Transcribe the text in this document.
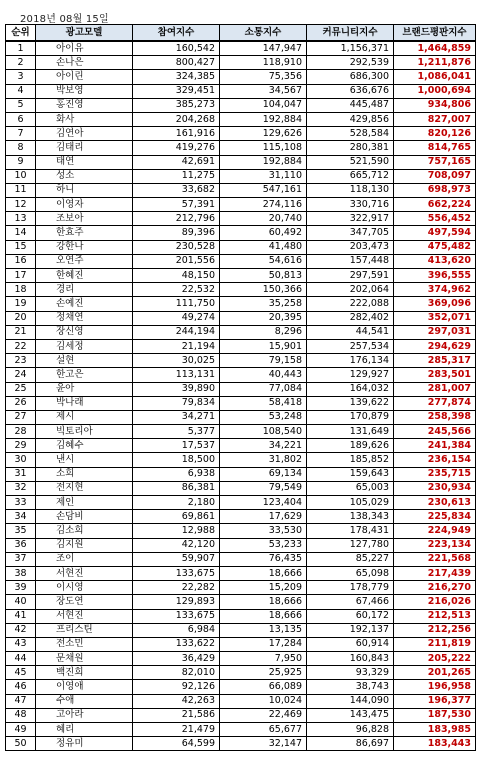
2018년 08월 15일
순위	광고모델	참여지수	소통지수	커뮤니티지수	브랜드평판지수
1	아이유	160,542	147,947	1,156,371	1,464,859
2	손나은	800,427	118,910	292,539	1,211,876
3	아이린	324,385	75,356	686,300	1,086,041
4	박보영	329,451	34,567	636,676	1,000,694
5	홍진영	385,273	104,047	445,487	934,806
6	화사	204,268	192,884	429,856	827,007
7	김연아	161,916	129,626	528,584	820,126
8	김태리	419,276	115,108	280,381	814,765
9	태연	42,691	192,884	521,590	757,165
10	성소	11,275	31,110	665,712	708,097
11	하니	33,682	547,161	118,130	698,973
12	이영자	57,391	274,116	330,716	662,224
13	조보아	212,796	20,740	322,917	556,452
14	한효주	89,396	60,492	347,705	497,594
15	강한나	230,528	41,480	203,473	475,482
16	오연주	201,556	54,616	157,448	413,620
17	한혜진	48,150	50,813	297,591	396,555
18	경리	22,532	150,366	202,064	374,962
19	손예진	111,750	35,258	222,088	369,096
20	정채연	49,274	20,395	282,402	352,071
21	장신영	244,194	8,296	44,541	297,031
22	김세정	21,194	15,901	257,534	294,629
23	설현	30,025	79,158	176,134	285,317
24	한고은	113,131	40,443	129,927	283,501
25	윤아	39,890	77,084	164,032	281,007
26	박나래	79,834	58,418	139,622	277,874
27	제시	34,271	53,248	170,879	258,398
28	빅토리아	5,377	108,540	131,649	245,566
29	김혜수	17,537	34,221	189,626	241,384
30	낸시	18,500	31,802	185,852	236,154
31	소희	6,938	69,134	159,643	235,715
32	전지현	86,381	79,549	65,003	230,934
33	제인	2,180	123,404	105,029	230,613
34	손담비	69,861	17,629	138,343	225,834
35	김소희	12,988	33,530	178,431	224,949
36	김지원	42,120	53,233	127,780	223,134
37	조이	59,907	76,435	85,227	221,568
38	서현진	133,675	18,666	65,098	217,439
39	이시영	22,282	15,209	178,779	216,270
40	장도연	129,893	18,666	67,466	216,026
41	서현진	133,675	18,666	60,172	212,513
42	프리스틴	6,984	13,135	192,137	212,256
43	전소민	133,622	17,284	60,914	211,819
44	문채원	36,429	7,950	160,843	205,222
45	백진희	82,010	25,925	93,329	201,265
46	이영애	92,126	66,089	38,743	196,958
47	수애	42,263	10,024	144,090	196,377
48	고아라	21,586	22,469	143,475	187,530
49	혜리	21,479	65,677	96,828	183,985
50	정유미	64,599	32,147	86,697	183,443
